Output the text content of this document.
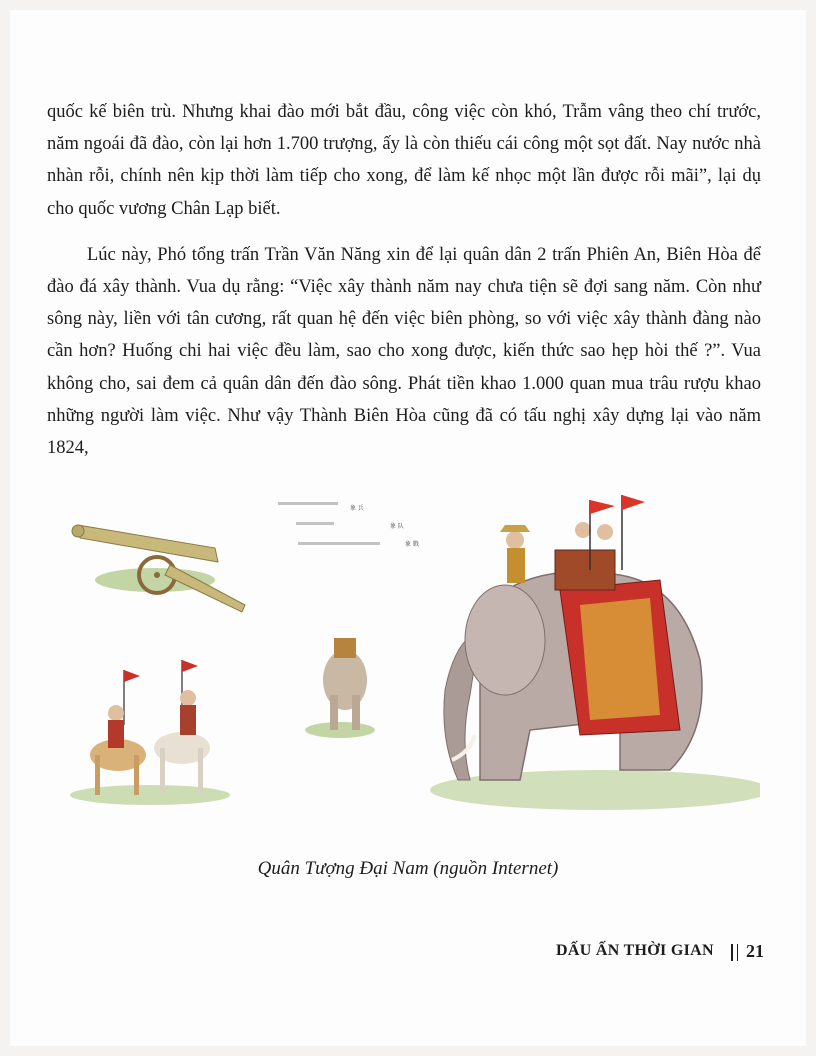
quốc kế biên trù. Nhưng khai đào mới bắt đầu, công việc còn khó, Trẫm vâng theo chí trước, năm ngoái đã đào, còn lại hơn 1.700 trượng, ấy là còn thiếu cái công một sọt đất. Nay nước nhà nhàn rỗi, chính nên kịp thời làm tiếp cho xong, để làm kế nhọc một lần được rỗi mãi”, lại dụ cho quốc vương Chân Lạp biết.

Lúc này, Phó tổng trấn Trần Văn Năng xin để lại quân dân 2 trấn Phiên An, Biên Hòa để đào đá xây thành. Vua dụ rằng: “Việc xây thành năm nay chưa tiện sẽ đợi sang năm. Còn như sông này, liền với tân cương, rất quan hệ đến việc biên phòng, so với việc xây thành đàng nào cần hơn? Huống chi hai việc đều làm, sao cho xong được, kiến thức sao hẹp hòi thế ?”. Vua không cho, sai đem cả quân dân đến đào sông. Phát tiền khao 1.000 quan mua trâu rượu khao những người làm việc. Như vậy Thành Biên Hòa cũng đã có tấu nghị xây dựng lại vào năm 1824,

象 兵
象 队
象 戰
Quân Tượng Đại Nam (nguồn Internet)
DẤU ẤN THỜI GIAN 21
